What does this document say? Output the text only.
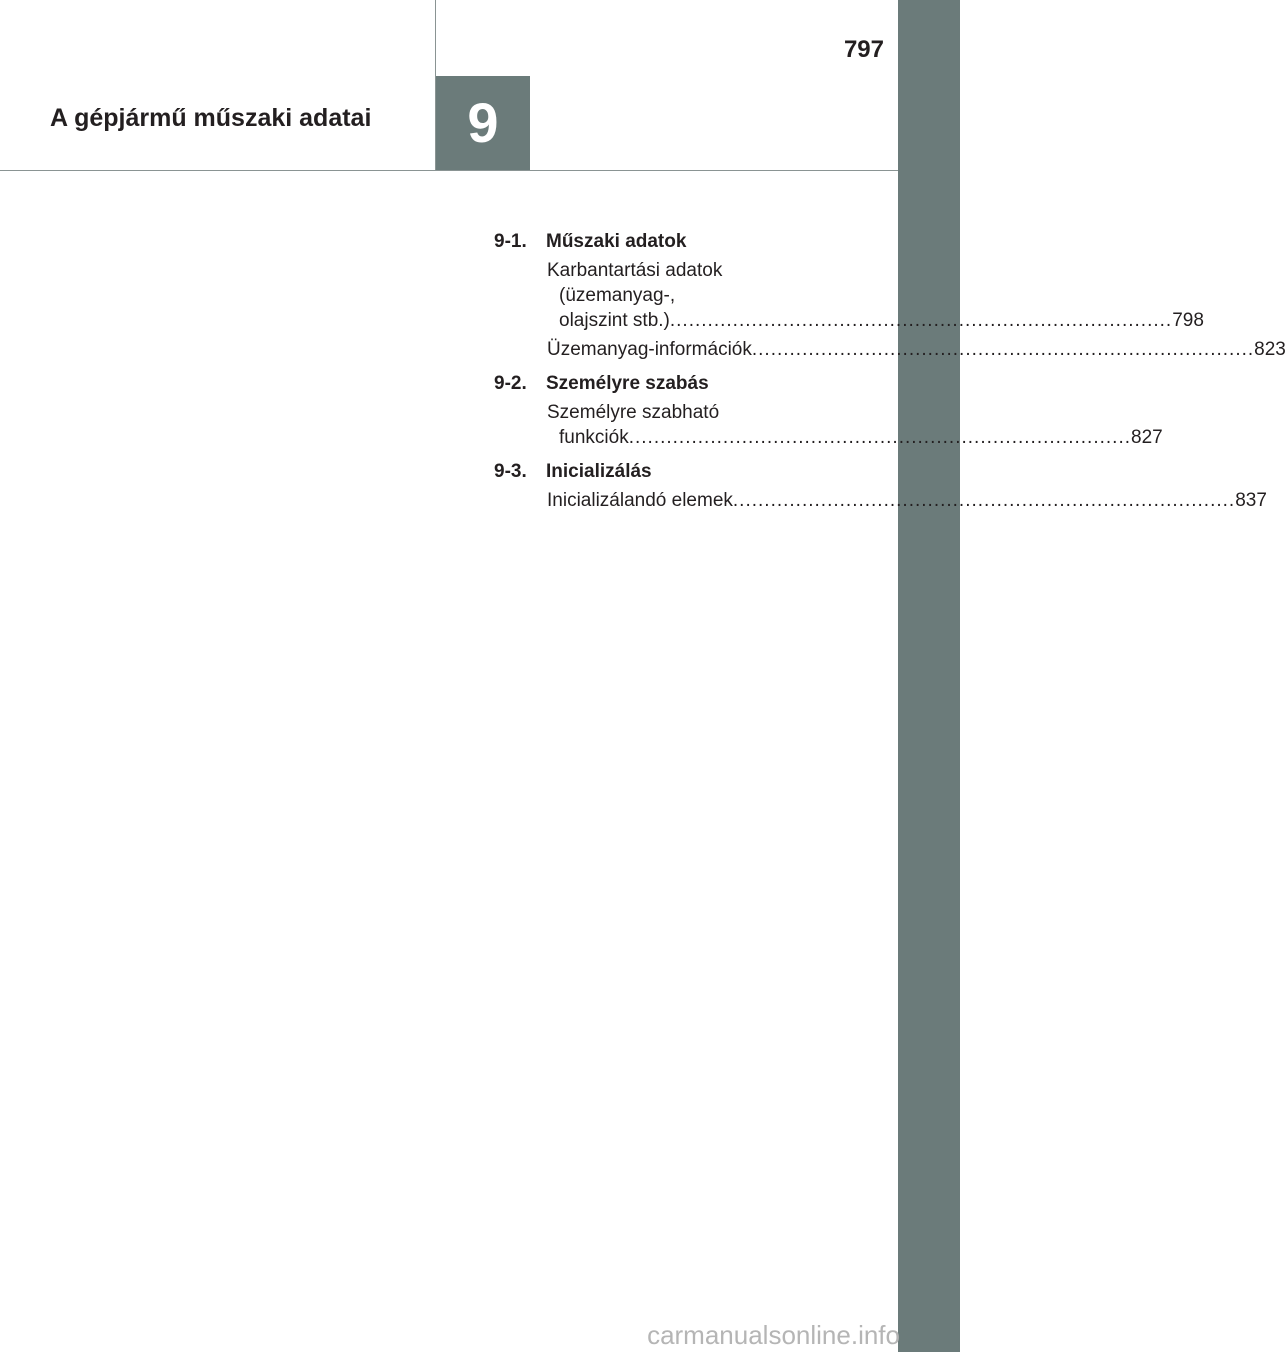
797
A gépjármű műszaki adatai	9
9-1. Műszaki adatok
Karbantartási adatok
(üzemanyag-,
olajszint stb.) ................................................................................ 798
Üzemanyag-információk ................................................................................ 823
9-2. Személyre szabás
Személyre szabható
funkciók ................................................................................ 827
9-3. Inicializálás
Inicializálandó elemek ................................................................................ 837
carmanualsonline.info
